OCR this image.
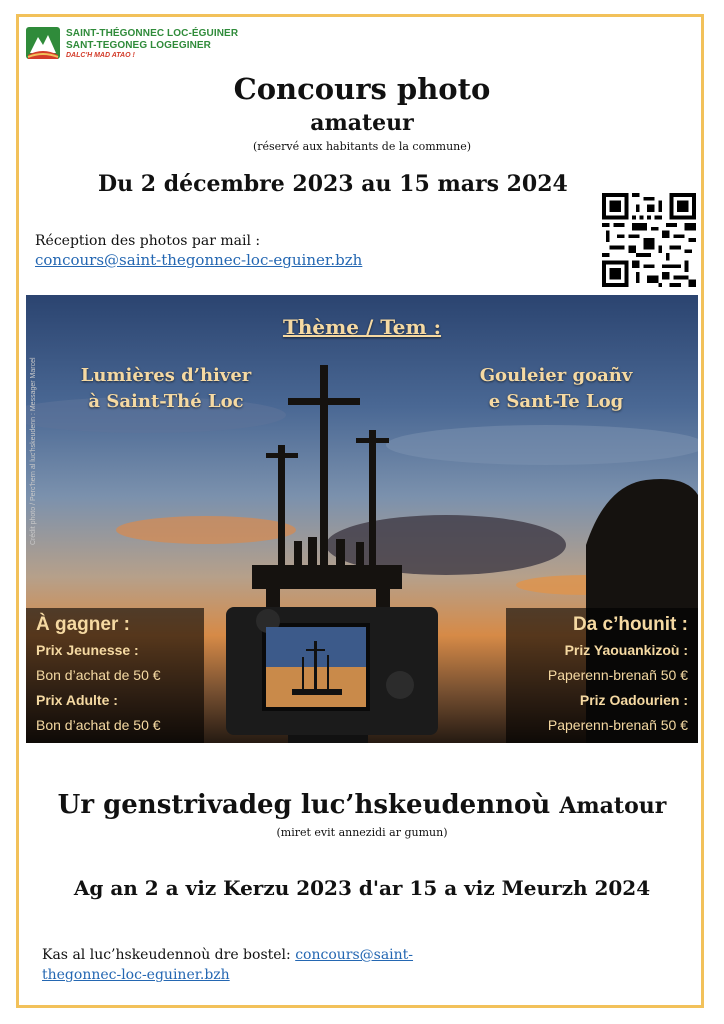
SAINT-THÉGONNEC LOC-ÉGUINER
SANT-TEGONEG LOGEGINER
DALC'H MAD ATAO !
Concours photo
amateur
(réservé aux habitants de la commune)
Du 2 décembre 2023 au 15 mars 2024
Réception des photos par mail :
concours@saint-thegonnec-loc-eguiner.bzh
Thème / Tem :
Lumières d’hiver
à Saint-Thé Loc
Gouleier goañv
e Sant-Te Log
Crédit photo / Perc’hern al luc’hskeudenn : Messager Marcel
À gagner :
Prix Jeunesse :
Bon d’achat de 50 €
Prix Adulte :
Bon d’achat de 50 €
Da c’hounit :
Priz Yaouankizoù :
Paperenn-brenañ 50 €
Priz Oadourien :
Paperenn-brenañ 50 €
Ur genstrivadeg luc’hskeudennoù Amatour
(miret evit annezidi ar gumun)
Ag an 2 a viz Kerzu 2023 d'ar 15 a viz Meurzh 2024
Kas al luc’hskeudennoù dre bostel: concours@saint-
thegonnec-loc-eguiner.bzh
